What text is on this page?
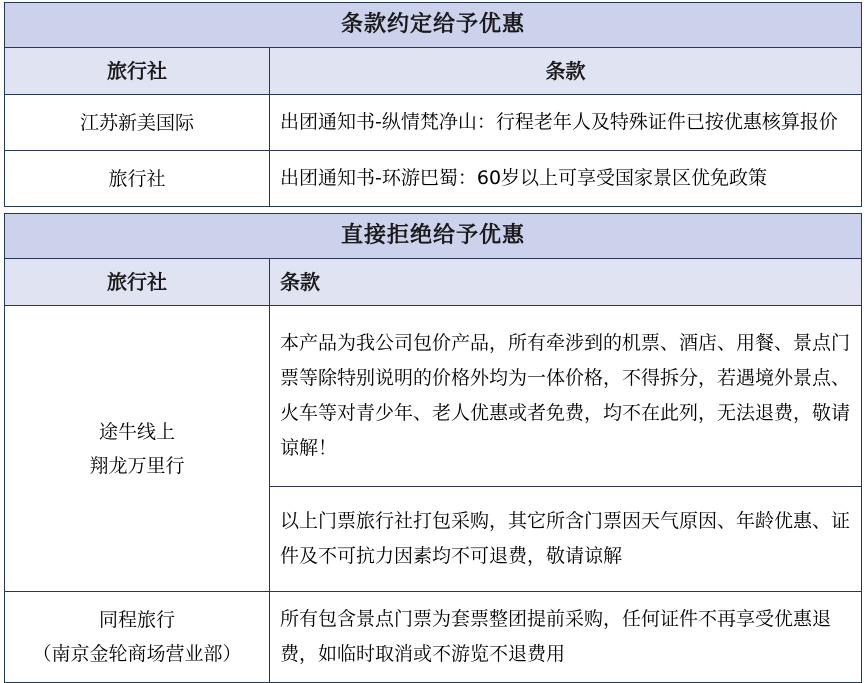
条款约定给予优惠	
旅行社	条款
江苏新美国际	出团通知书-纵情梵净山：行程老年人及特殊证件已按优惠核算报价
旅行社	出团通知书-环游巴蜀：60岁以上可享受国家景区优免政策
直接拒绝给予优惠	
旅行社	条款

途牛线上
翔龙万里行	本产品为我公司包价产品，所有牵涉到的机票、酒店、用餐、景点门票等除特别说明的价格外均为一体价格，不得拆分，若遇境外景点、火车等对青少年、老人优惠或者免费，均不在此列，无法退费，敬请谅解！
	以上门票旅行社打包采购，其它所含门票因天气原因、年龄优惠、证件及不可抗力因素均不可退费，敬请谅解

同程旅行
（南京金轮商场营业部）	所有包含景点门票为套票整团提前采购，任何证件不再享受优惠退费，如临时取消或不游览不退费用
